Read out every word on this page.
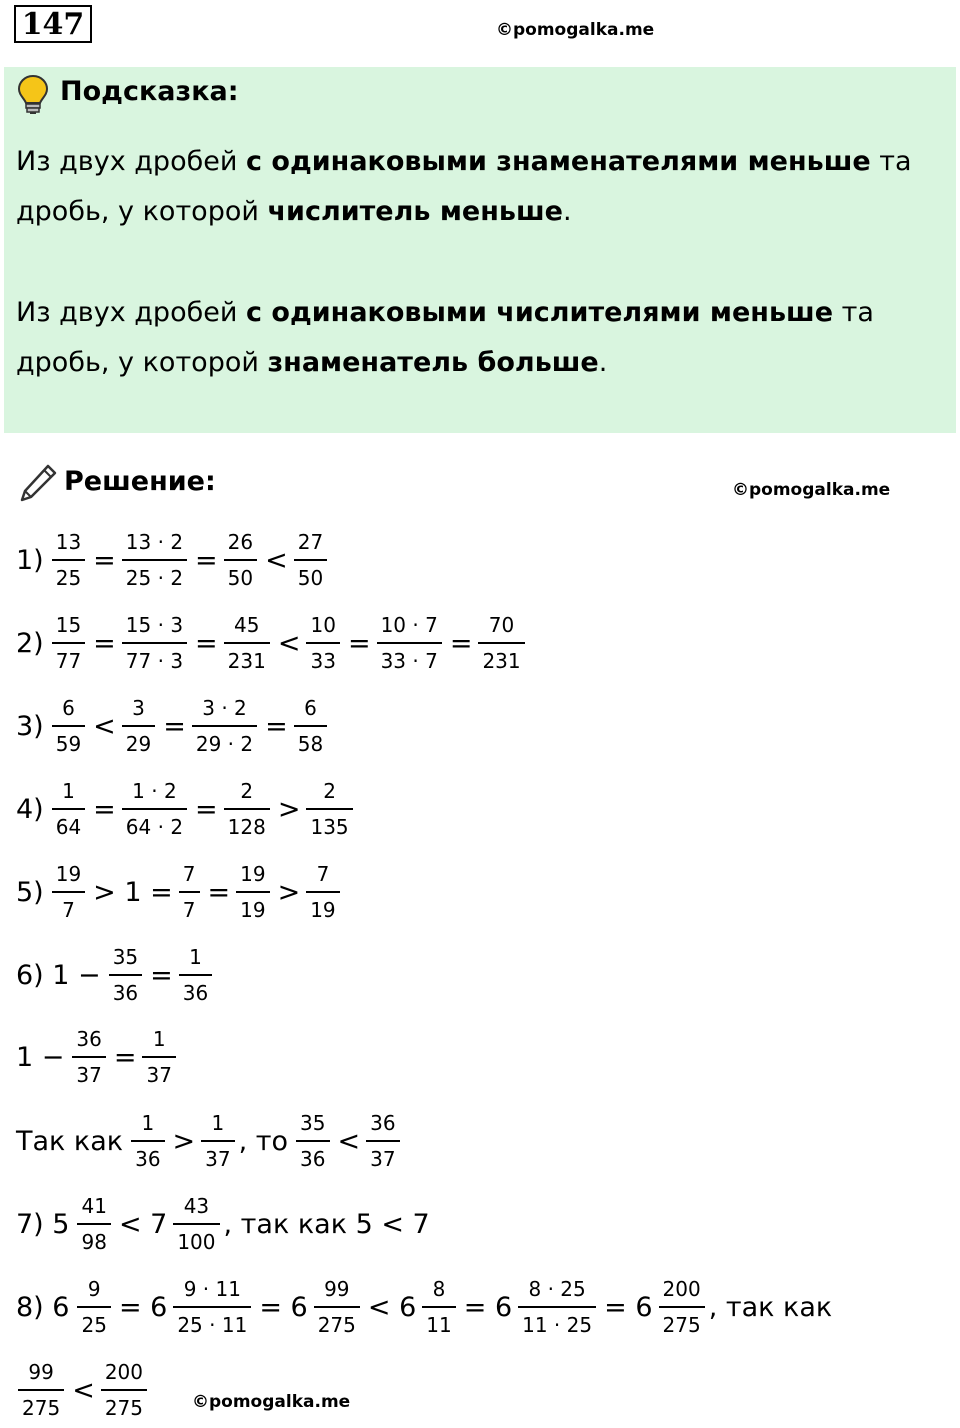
147	©pomogalka.me
Подсказка:
Из двух дробей с одинаковыми знаменателями меньше та дробь, у которой числитель меньше.
Из двух дробей с одинаковыми числителями меньше та дробь, у которой знаменатель больше.
Решение:	©pomogalka.me
$1) \frac{13}{25} = \frac{13 \cdot 2}{25 \cdot 2} = \frac{26}{50} < \frac{27}{50}$
$2) \frac{15}{77} = \frac{15 \cdot 3}{77 \cdot 3} = \frac{45}{231} < \frac{10}{33} = \frac{10 \cdot 7}{33 \cdot 7} = \frac{70}{231}$
$3) \frac{6}{59} < \frac{3}{29} = \frac{3 \cdot 2}{29 \cdot 2} = \frac{6}{58}$
$4) \frac{1}{64} = \frac{1 \cdot 2}{64 \cdot 2} = \frac{2}{128} > \frac{2}{135}$
$5) \frac{19}{7} > 1 = \frac{7}{7} = \frac{19}{19} > \frac{7}{19}$
6) $1 - \frac{35}{36} = \frac{1}{36}$
$1 - \frac{36}{37} = \frac{1}{37}$
Так как $\frac{1}{36} > \frac{1}{37}$ , то $\frac{35}{36} < \frac{36}{37}$
7) $5 \frac{41}{98} < 7 \frac{43}{100}$ , так как 5 < 7
8) $6 \frac{9}{25} = 6 \frac{9 \cdot 11}{25 \cdot 11} = 6 \frac{99}{275} < 6 \frac{8}{11} = 6 \frac{8 \cdot 25}{11 \cdot 25} = 6 \frac{200}{275}$ , так как
$\frac{99}{275} < \frac{200}{275}$	©pomogalka.me
